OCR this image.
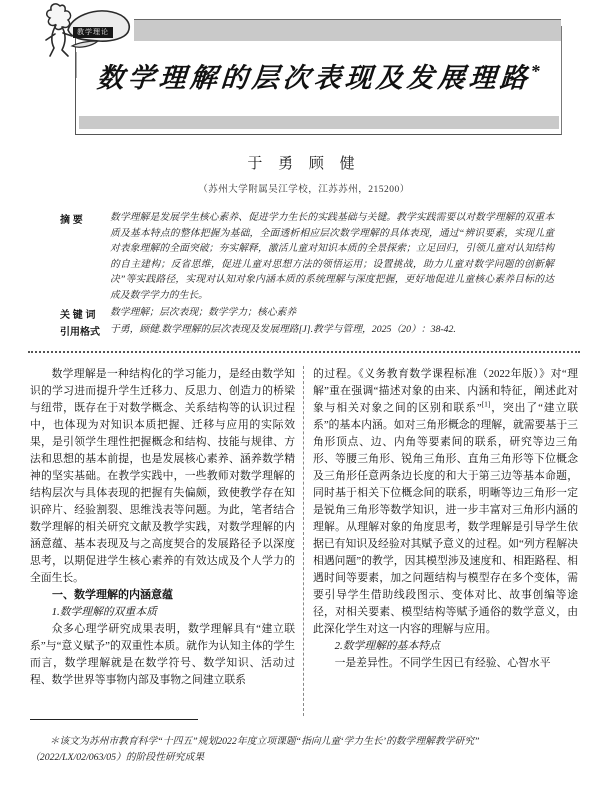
教学理论
数学理解的层次表现及发展理路*
于 勇 顾 健
（苏州大学附属吴江学校，江苏苏州，215200）
摘 要	数学理解是发展学生核心素养、促进学力生长的实践基础与关键。教学实践需要以对数学理解的双重本质及基本特点的整体把握为基础，全面透析相应层次数学理解的具体表现，通过“辨识要素，实现儿童对表象理解的全面突破；夯实解释，激活儿童对知识本质的全景探索；立足回归，引领儿童对认知结构的自主建构；反省思维，促进儿童对思想方法的领悟运用；设置挑战，助力儿童对数学问题的创新解决”等实践路径，实现对认知对象内涵本质的系统理解与深度把握，更好地促进儿童核心素养目标的达成及数学学力的生长。
关 键 词	数学理解；层次表现；数学学力；核心素养
引用格式	于勇，顾健.数学理解的层次表现及发展理路[J].教学与管理，2025（20）：38-42.

数学理解是一种结构化的学习能力，是经由数学知识的学习进而提升学生迁移力、反思力、创造力的桥梁与纽带，既存在于对数学概念、关系结构等的认识过程中，也体现为对知识本质把握、迁移与应用的实际效果，是引领学生理性把握概念和结构、技能与规律、方法和思想的基本前提，也是发展核心素养、涵养数学精神的坚实基础。在教学实践中，一些教师对数学理解的结构层次与具体表现的把握有失偏颇，致使教学存在知识碎片、经验割裂、思维浅表等问题。为此，笔者结合数学理解的相关研究文献及教学实践，对数学理解的内涵意蕴、基本表现及与之高度契合的发展路径予以深度思考，以期促进学生核心素养的有效达成及个人学力的全面生长。

一、数学理解的内涵意蕴

1.数学理解的双重本质

众多心理学研究成果表明，数学理解具有“建立联系”与“意义赋予”的双重性本质。就作为认知主体的学生而言，数学理解就是在数学符号、数学知识、活动过程、数学世界等事物内部及事物之间建立联系

的过程。《义务教育数学课程标准（2022年版）》对“理解”重在强调“描述对象的由来、内涵和特征，阐述此对象与相关对象之间的区别和联系”[1]，突出了“建立联系”的基本内涵。如对三角形概念的理解，就需要基于三角形顶点、边、内角等要素间的联系，研究等边三角形、等腰三角形、锐角三角形、直角三角形等下位概念及三角形任意两条边长度的和大于第三边等基本命题，同时基于相关下位概念间的联系，明晰等边三角形一定是锐角三角形等数学知识，进一步丰富对三角形内涵的理解。从理解对象的角度思考，数学理解是引导学生依据已有知识及经验对其赋予意义的过程。如“列方程解决相遇问题”的教学，因其模型涉及速度和、相距路程、相遇时间等要素，加之问题结构与模型存在多个变体，需要引导学生借助线段图示、变体对比、故事创编等途径，对相关要素、模型结构等赋予通俗的数学意义，由此深化学生对这一内容的理解与应用。

2.数学理解的基本特点

一是差异性。不同学生因已有经验、心智水平

＊该文为苏州市教育科学“十四五”规划2022年度立项课题“指向儿童‘学力生长’的数学理解教学研究”

（2022/LX/02/063/05）的阶段性研究成果
